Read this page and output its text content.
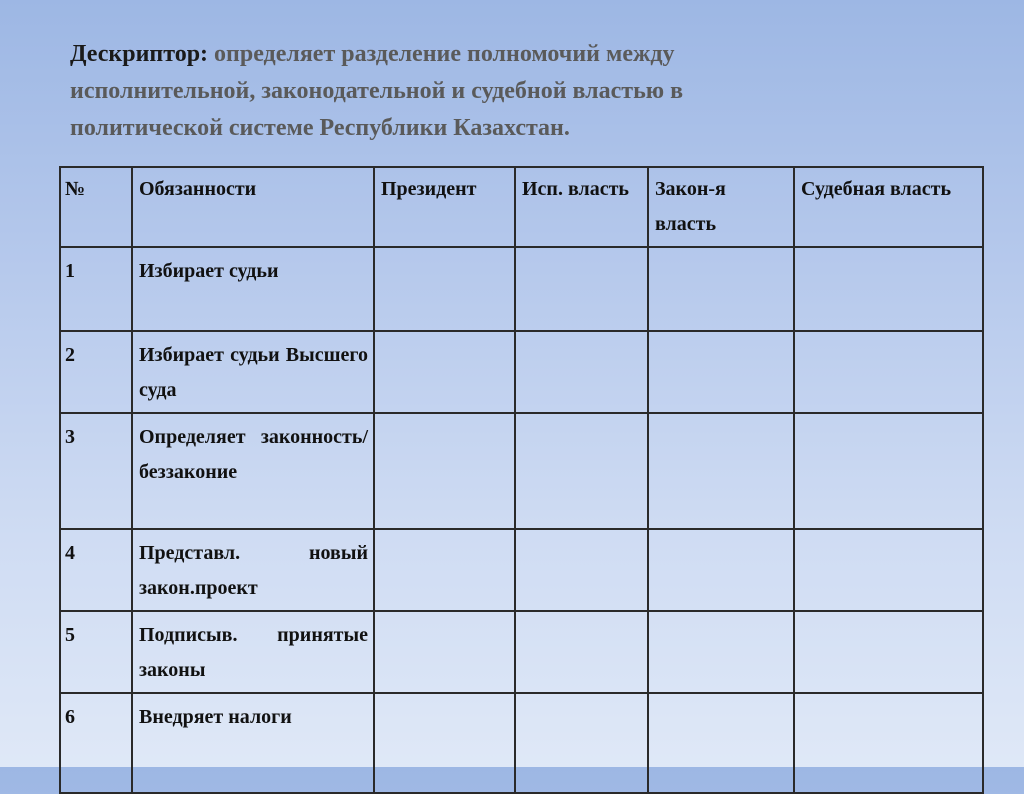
Дескриптор: определяет разделение полномочий между исполнительной, законодательной и судебной властью в политической системе Республики Казахстан.
№	Обязанности	Президент	Исп. власть	Закон-я власть	Судебная власть
1	Избирает судьи				
2	Избирает судьи Высшего суда				
3	Определяет законность/ беззаконие				
4	Представл. новый закон.проект				
5	Подписыв. принятые законы				
6	Внедряет налоги				
